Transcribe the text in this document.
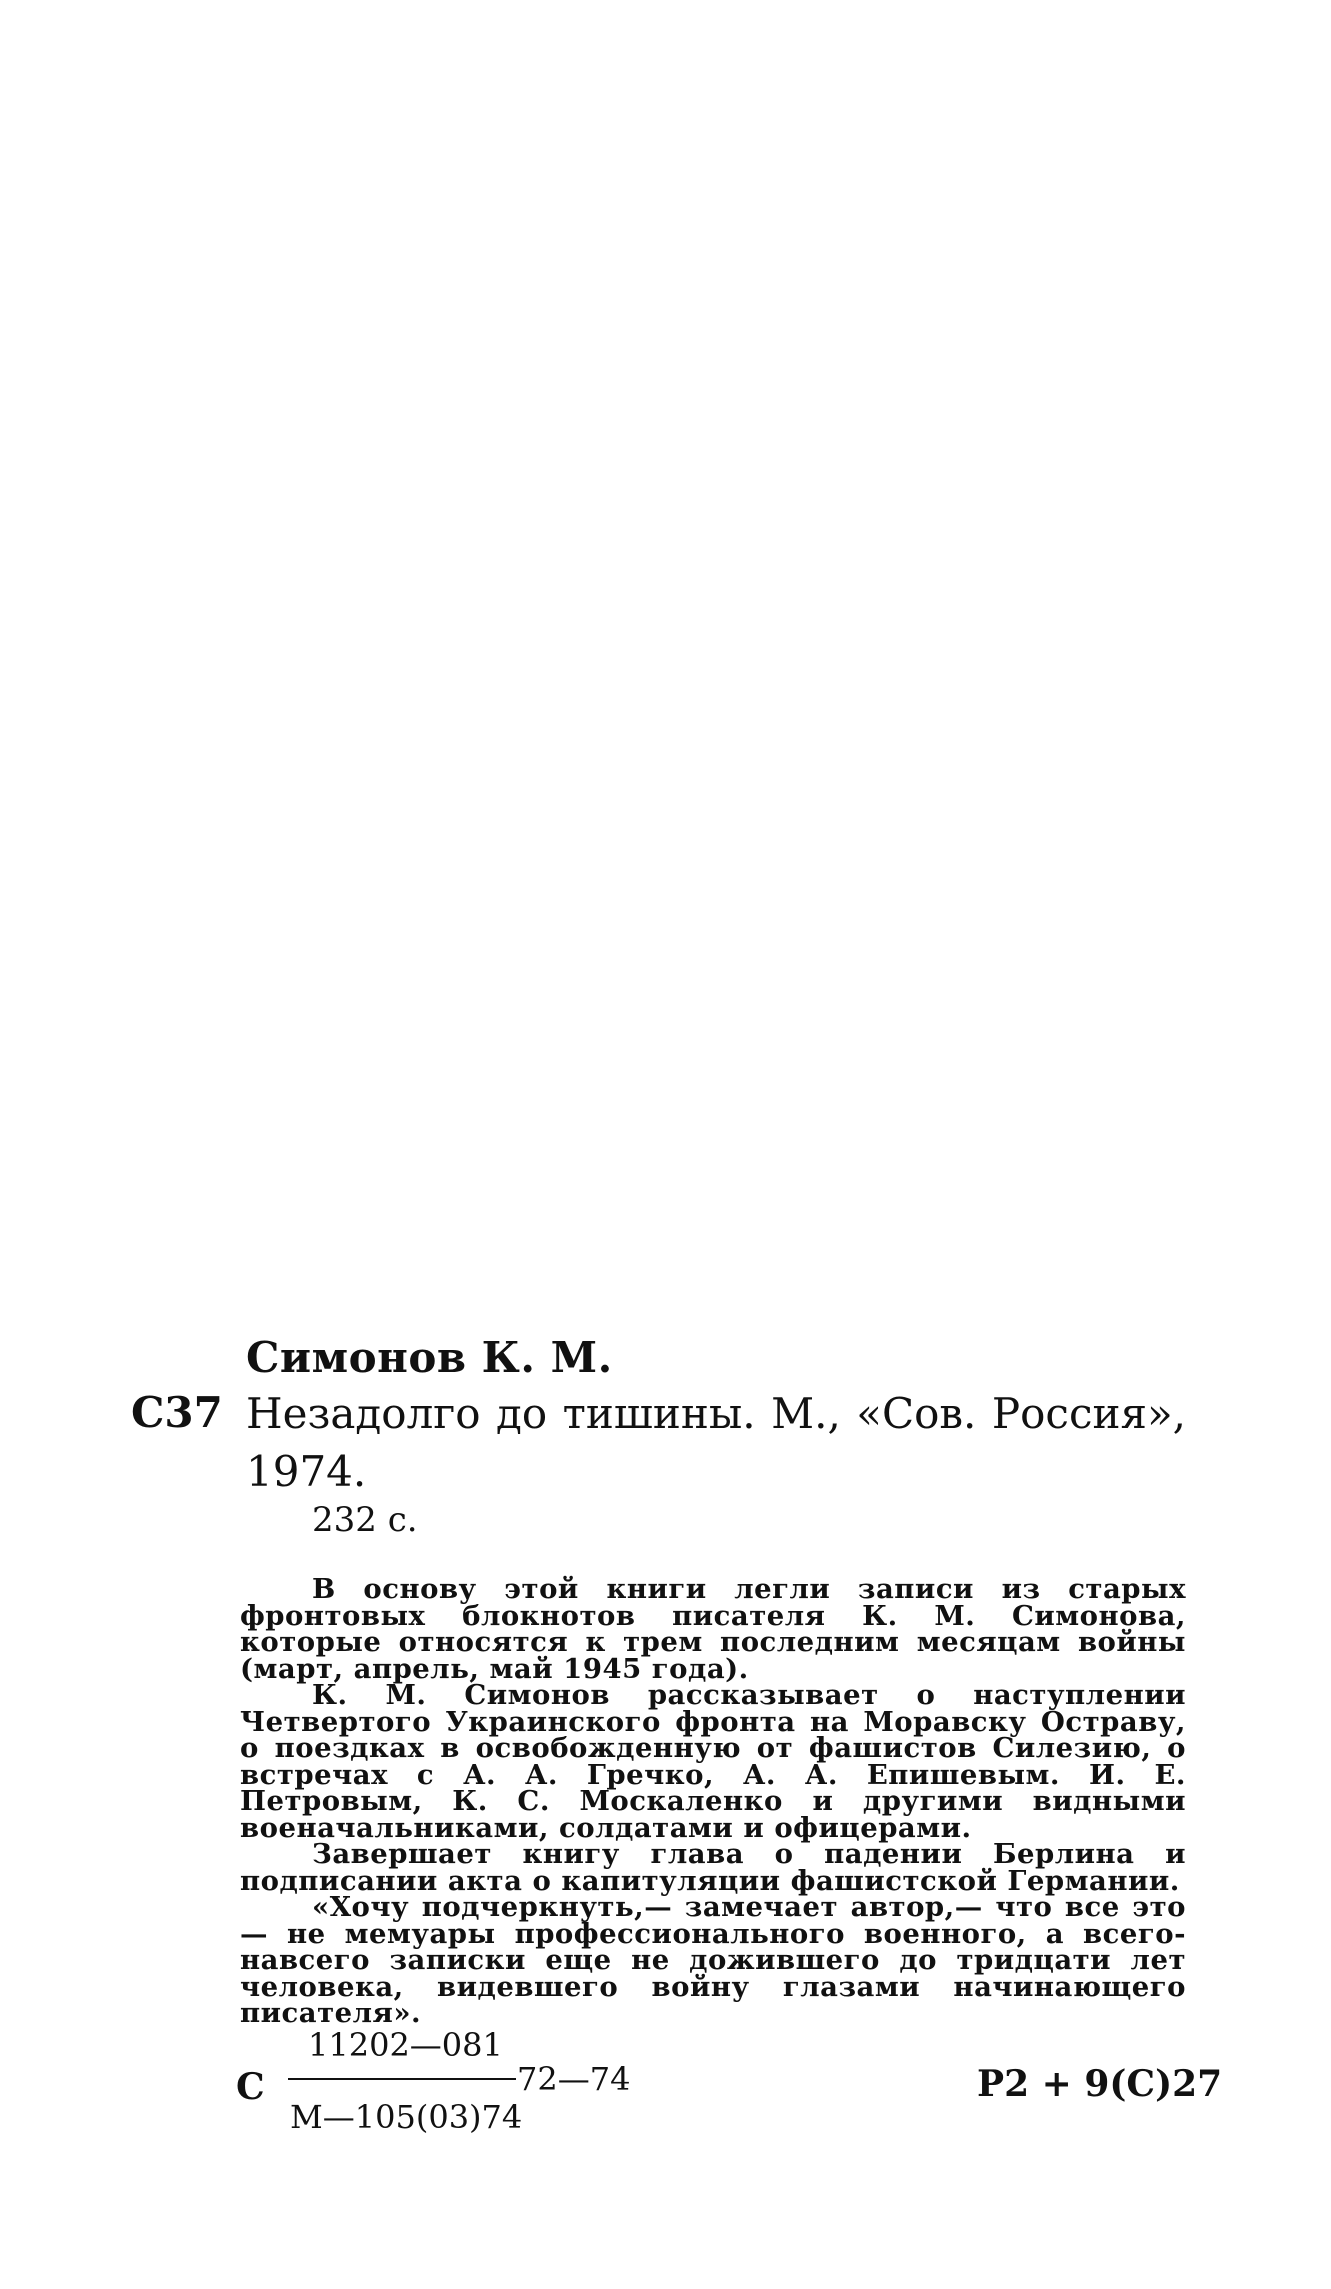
Симонов К. М.
С37 Незадолго до тишины. М., «Сов. Россия», 1974.
232 с.

В основу этой книги легли записи из старых фронтовых блокнотов писателя К. М. Симонова, которые относятся к трем последним месяцам войны (март, апрель, май 1945 года).

К. М. Симонов рассказывает о наступлении Четвертого Украинского фронта на Моравску Остраву, о поездках в освобожденную от фашистов Силезию, о встречах с А. А. Гречко, А. А. Епишевым. И. Е. Петровым, К. С. Москаленко и другими видными военачальниками, солдатами и офицерами.

Завершает книгу глава о падении Берлина и подписании акта о капитуляции фашистской Германии.

«Хочу подчеркнуть,— замечает автор,— что все это — не мемуары профессионального военного, а всего-навсего записки еще не дожившего до тридцати лет человека, видевшего войну глазами начинающего писателя».

С
11202—081
М—105(03)74
72—74	Р2 + 9(С)27
